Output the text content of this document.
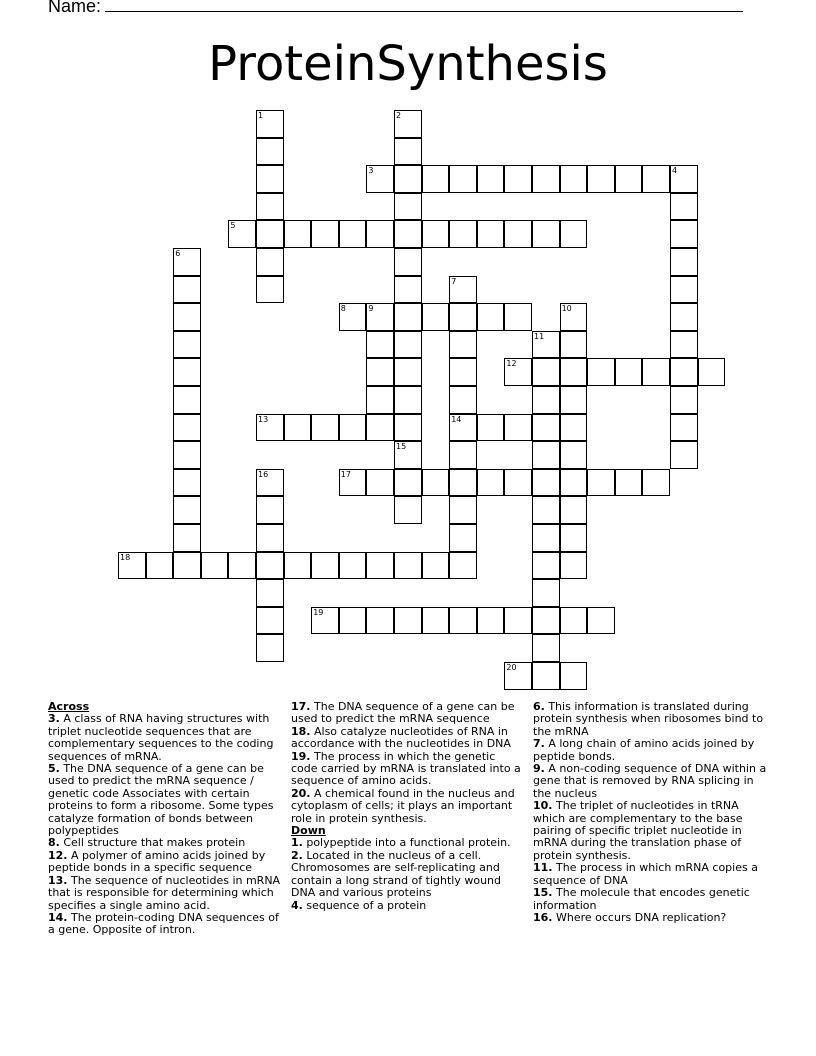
Name:
ProteinSynthesis
1	2
3	4
5
6
7
8	9	10
11
12
13	14
15
16	17
18
19
20
Across
3. A class of RNA having structures with triplet nucleotide sequences that are complementary sequences to the coding sequences of mRNA.
5. The DNA sequence of a gene can be used to predict the mRNA sequence / genetic code Associates with certain proteins to form a ribosome. Some types catalyze formation of bonds between polypeptides
8. Cell structure that makes protein
12. A polymer of amino acids joined by peptide bonds in a specific sequence
13. The sequence of nucleotides in mRNA that is responsible for determining which specifies a single amino acid.
14. The protein-coding DNA sequences of a gene. Opposite of intron.
17. The DNA sequence of a gene can be used to predict the mRNA sequence
18. Also catalyze nucleotides of RNA in accordance with the nucleotides in DNA
19. The process in which the genetic code carried by mRNA is translated into a sequence of amino acids.
20. A chemical found in the nucleus and cytoplasm of cells; it plays an important role in protein synthesis.
Down
1. polypeptide into a functional protein.
2. Located in the nucleus of a cell. Chromosomes are self-replicating and contain a long strand of tightly wound DNA and various proteins
4. sequence of a protein
6. This information is translated during protein synthesis when ribosomes bind to the mRNA
7. A long chain of amino acids joined by peptide bonds.
9. A non-coding sequence of DNA within a gene that is removed by RNA splicing in the nucleus
10. The triplet of nucleotides in tRNA which are complementary to the base pairing of specific triplet nucleotide in mRNA during the translation phase of protein synthesis.
11. The process in which mRNA copies a sequence of DNA
15. The molecule that encodes genetic information
16. Where occurs DNA replication?
